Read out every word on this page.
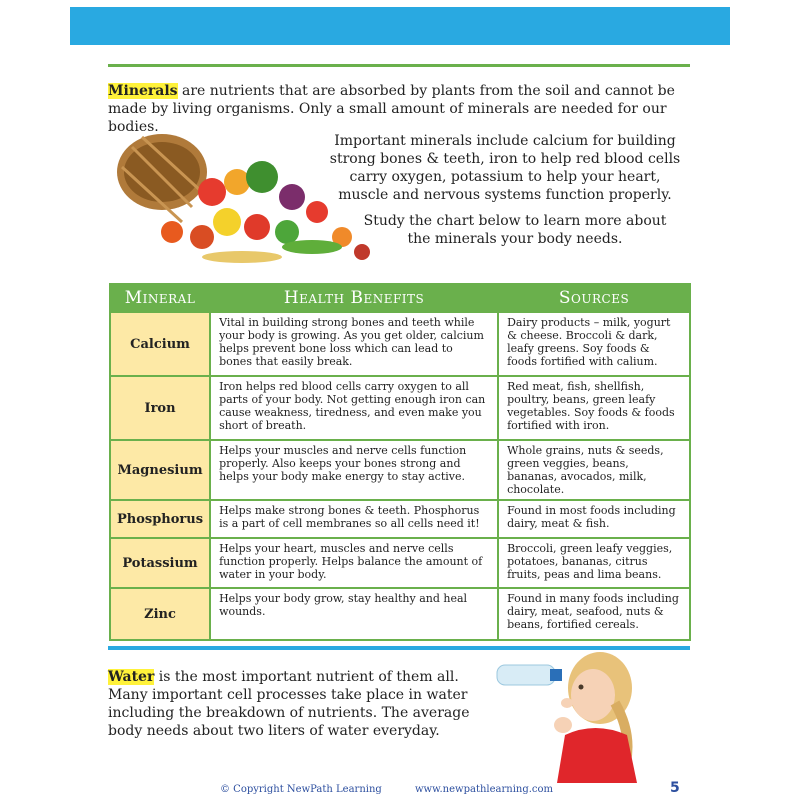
Minerals are nutrients that are absorbed by plants from the soil and cannot be made by living organisms. Only a small amount of minerals are needed for our bodies.

Important minerals include calcium for building strong bones & teeth, iron to help red blood cells carry oxygen, potassium to help your heart, muscle and nervous systems function properly.

Study the chart below to learn more about the minerals your body needs.

Mineral	Health Benefits	Sources
Calcium	Vital in building strong bones and teeth while your body is growing. As you get older, calcium helps prevent bone loss which can lead to bones that easily break.	Dairy products – milk, yogurt & cheese. Broccoli & dark, leafy greens. Soy foods & foods fortified with calium.
Iron	Iron helps red blood cells carry oxygen to all parts of your body. Not getting enough iron can cause weakness, tiredness, and even make you short of breath.	Red meat, fish, shellfish, poultry, beans, green leafy vegetables. Soy foods & foods fortified with iron.
Magnesium	Helps your muscles and nerve cells function properly. Also keeps your bones strong and helps your body make energy to stay active.	Whole grains, nuts & seeds, green veggies, beans, bananas, avocados, milk, chocolate.
Phosphorus	Helps make strong bones & teeth. Phosphorus is a part of cell membranes so all cells need it!	Found in most foods including dairy, meat & fish.
Potassium	Helps your heart, muscles and nerve cells function properly. Helps balance the amount of water in your body.	Broccoli, green leafy veggies, potatoes, bananas, citrus fruits, peas and lima beans.
Zinc	Helps your body grow, stay healthy and heal wounds.	Found in many foods including dairy, meat, seafood, nuts & beans, fortified cereals.

Water is the most important nutrient of them all. Many important cell processes take place in water including the breakdown of nutrients. The average body needs about two liters of water everyday.

© Copyright NewPath Learning	www.newpathlearning.com	5
